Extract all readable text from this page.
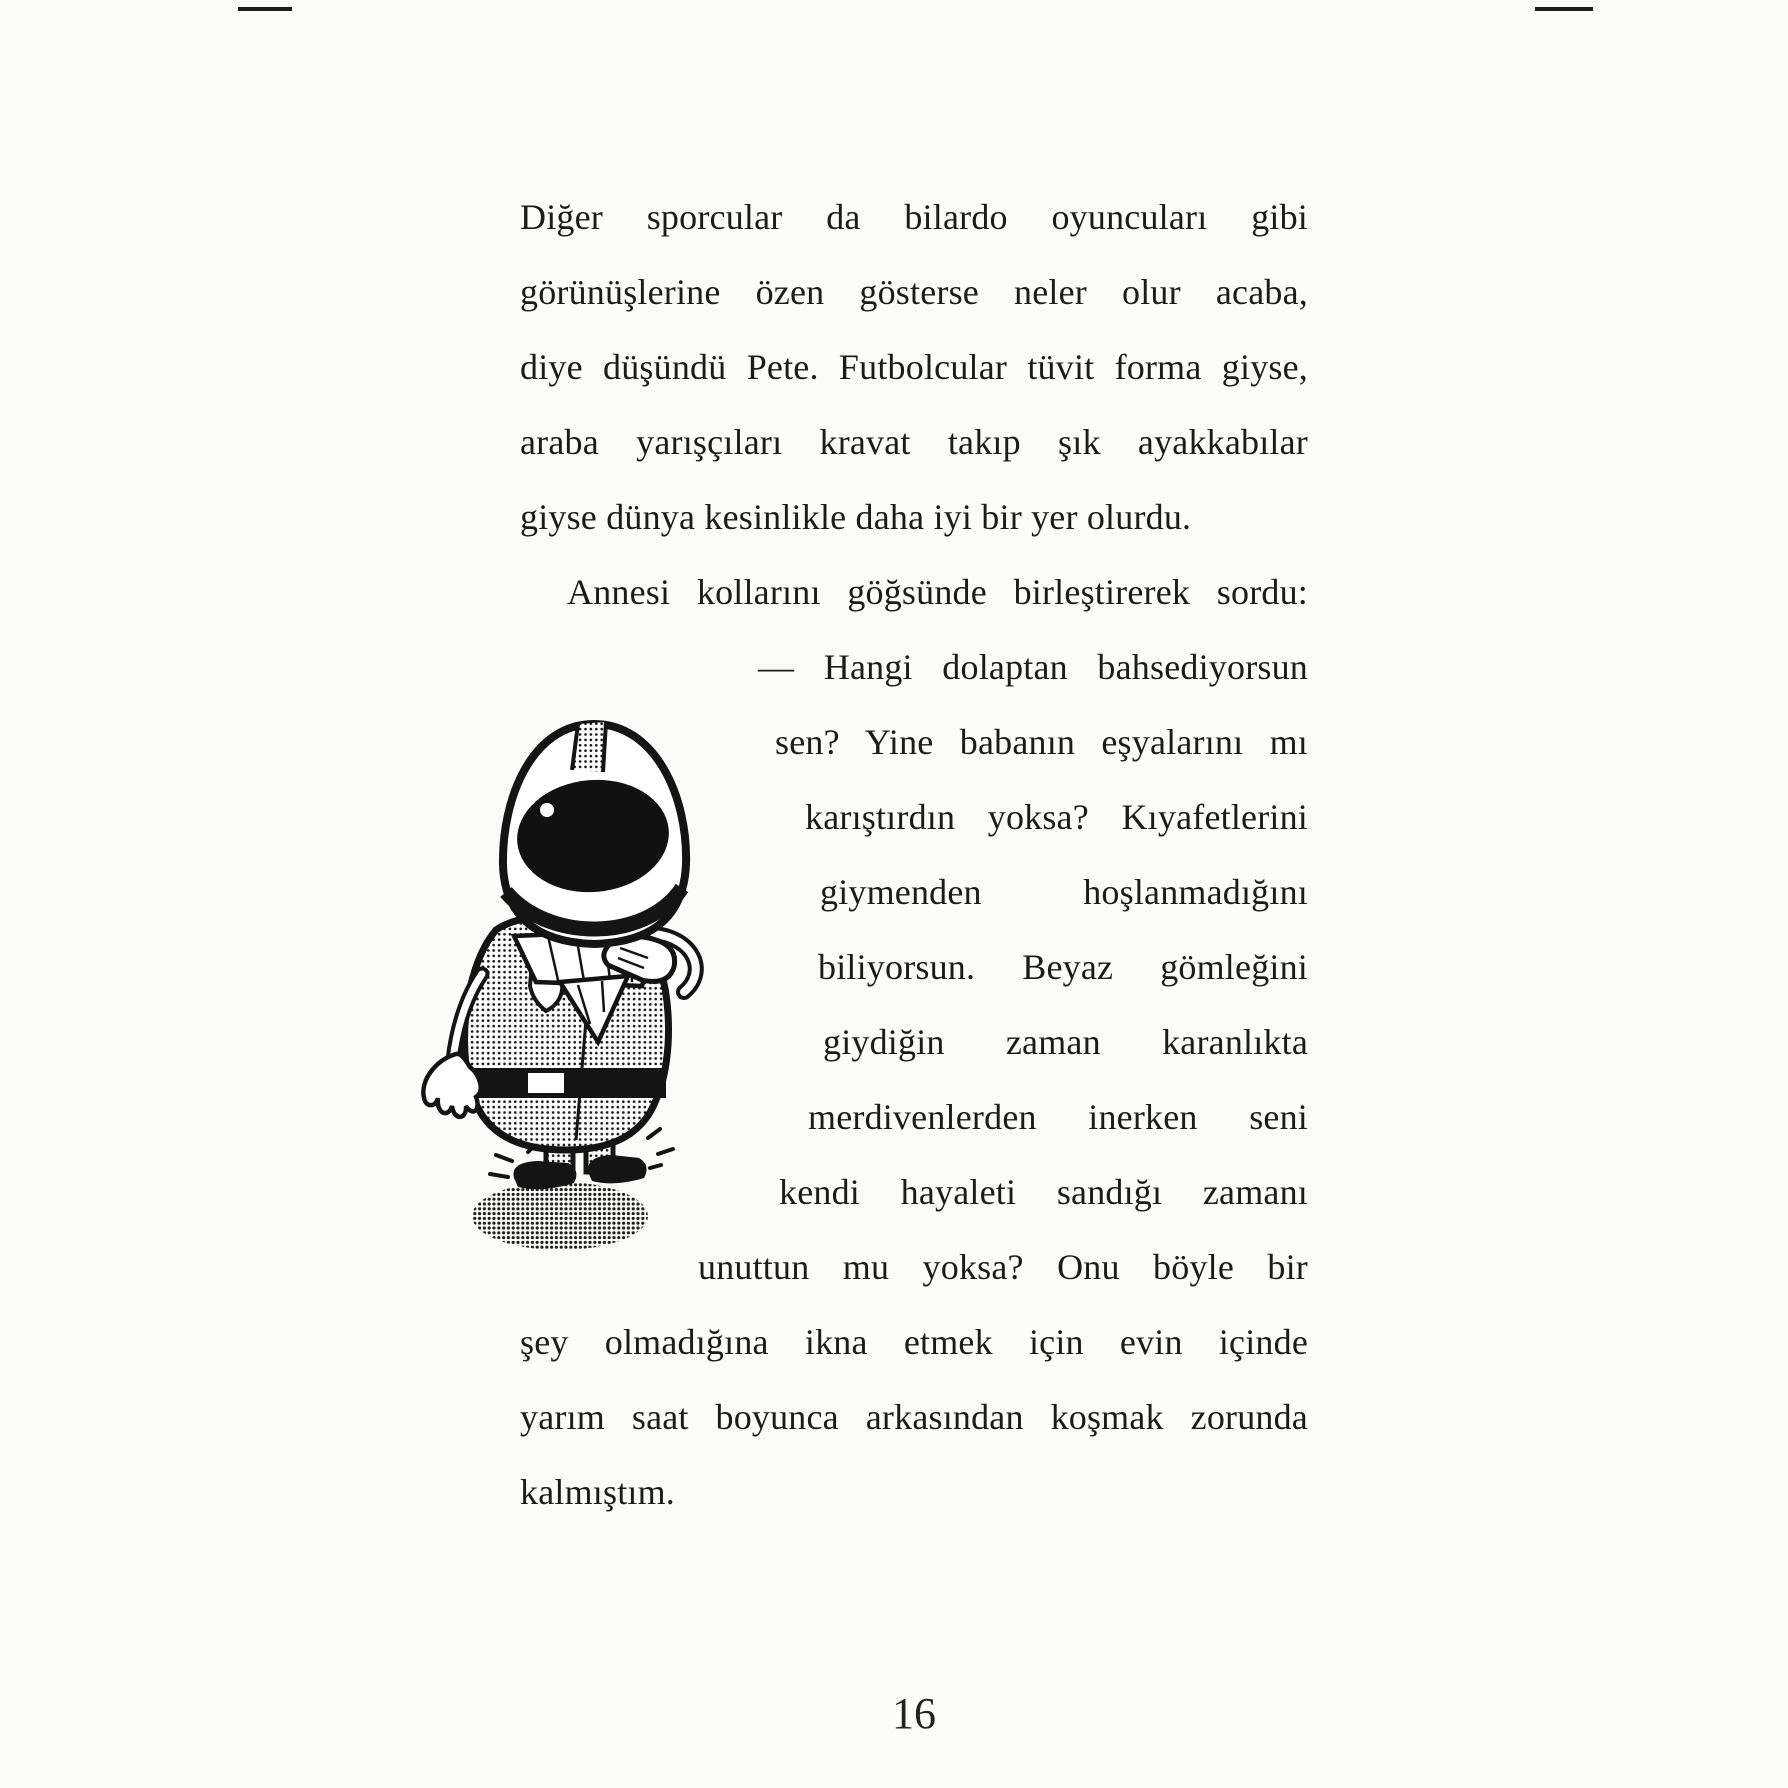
Diğer sporcular da bilardo oyuncuları gibi
görünüşlerine özen gösterse neler olur acaba,
diye düşündü Pete. Futbolcular tüvit forma giyse,
araba yarışçıları kravat takıp şık ayakkabılar
giyse dünya kesinlikle daha iyi bir yer olurdu.
Annesi kollarını göğsünde birleştirerek sordu:
— Hangi dolaptan bahsediyorsun
sen? Yine babanın eşyalarını mı
karıştırdın yoksa? Kıyafetlerini
giymenden hoşlanmadığını
biliyorsun. Beyaz gömleğini
giydiğin zaman karanlıkta
merdivenlerden inerken seni
kendi hayaleti sandığı zamanı
unuttun mu yoksa? Onu böyle bir
şey olmadığına ikna etmek için evin içinde
yarım saat boyunca arkasından koşmak zorunda
kalmıştım.
16
